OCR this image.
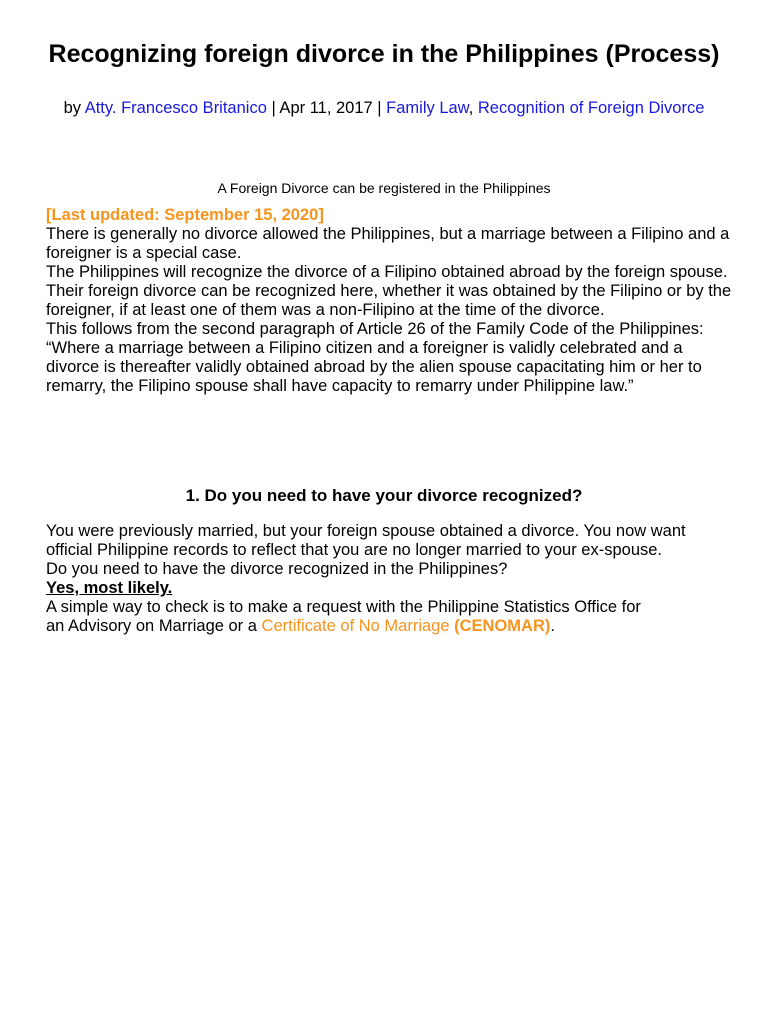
Recognizing foreign divorce in the Philippines (Process)

by Atty. Francesco Britanico | Apr 11, 2017 | Family Law, Recognition of Foreign Divorce

A Foreign Divorce can be registered in the Philippines

[Last updated: September 15, 2020]

There is generally no divorce allowed the Philippines, but a marriage between a Filipino and a foreigner is a special case.

The Philippines will recognize the divorce of a Filipino obtained abroad by the foreign spouse.

Their foreign divorce can be recognized here, whether it was obtained by the Filipino or by the foreigner, if at least one of them was a non-Filipino at the time of the divorce.

This follows from the second paragraph of Article 26 of the Family Code of the Philippines:

“Where a marriage between a Filipino citizen and a foreigner is validly celebrated and a divorce is thereafter validly obtained abroad by the alien spouse capacitating him or her to remarry, the Filipino spouse shall have capacity to remarry under Philippine law.”

1. Do you need to have your divorce recognized?

You were previously married, but your foreign spouse obtained a divorce. You now want official Philippine records to reflect that you are no longer married to your ex-spouse.

Do you need to have the divorce recognized in the Philippines?

Yes, most likely.

A simple way to check is to make a request with the Philippine Statistics Office for

an Advisory on Marriage or a Certificate of No Marriage (CENOMAR).
